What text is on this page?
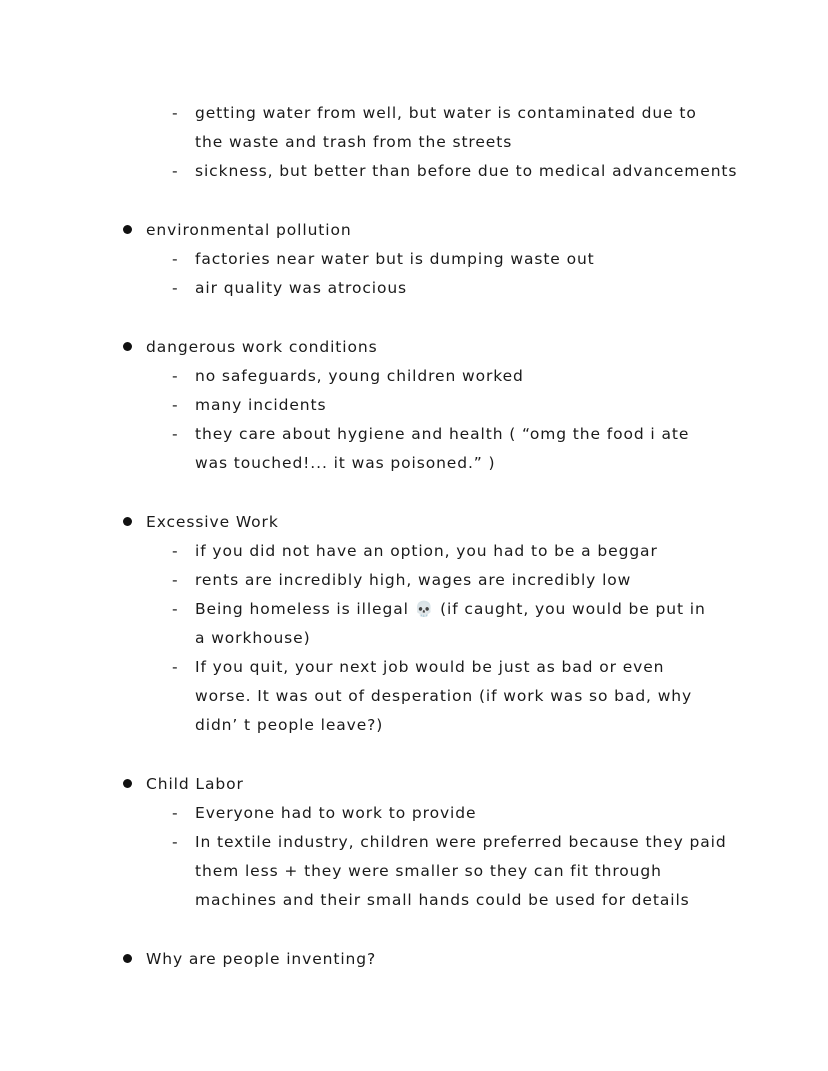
- getting water from well, but water is contaminated due to
the waste and trash from the streets
- sickness, but better than before due to medical advancements
environmental pollution
- factories near water but is dumping waste out
- air quality was atrocious
dangerous work conditions
- no safeguards, young children worked
- many incidents
- they care about hygiene and health ( “omg the food i ate
was touched!... it was poisoned.” )
Excessive Work
- if you did not have an option, you had to be a beggar
- rents are incredibly high, wages are incredibly low
- Being homeless is illegal 💀 (if caught, you would be put in
a workhouse)
- If you quit, your next job would be just as bad or even
worse. It was out of desperation (if work was so bad, why
didn’ t people leave?)
Child Labor
- Everyone had to work to provide
- In textile industry, children were preferred because they paid
them less + they were smaller so they can fit through
machines and their small hands could be used for details
Why are people inventing?
